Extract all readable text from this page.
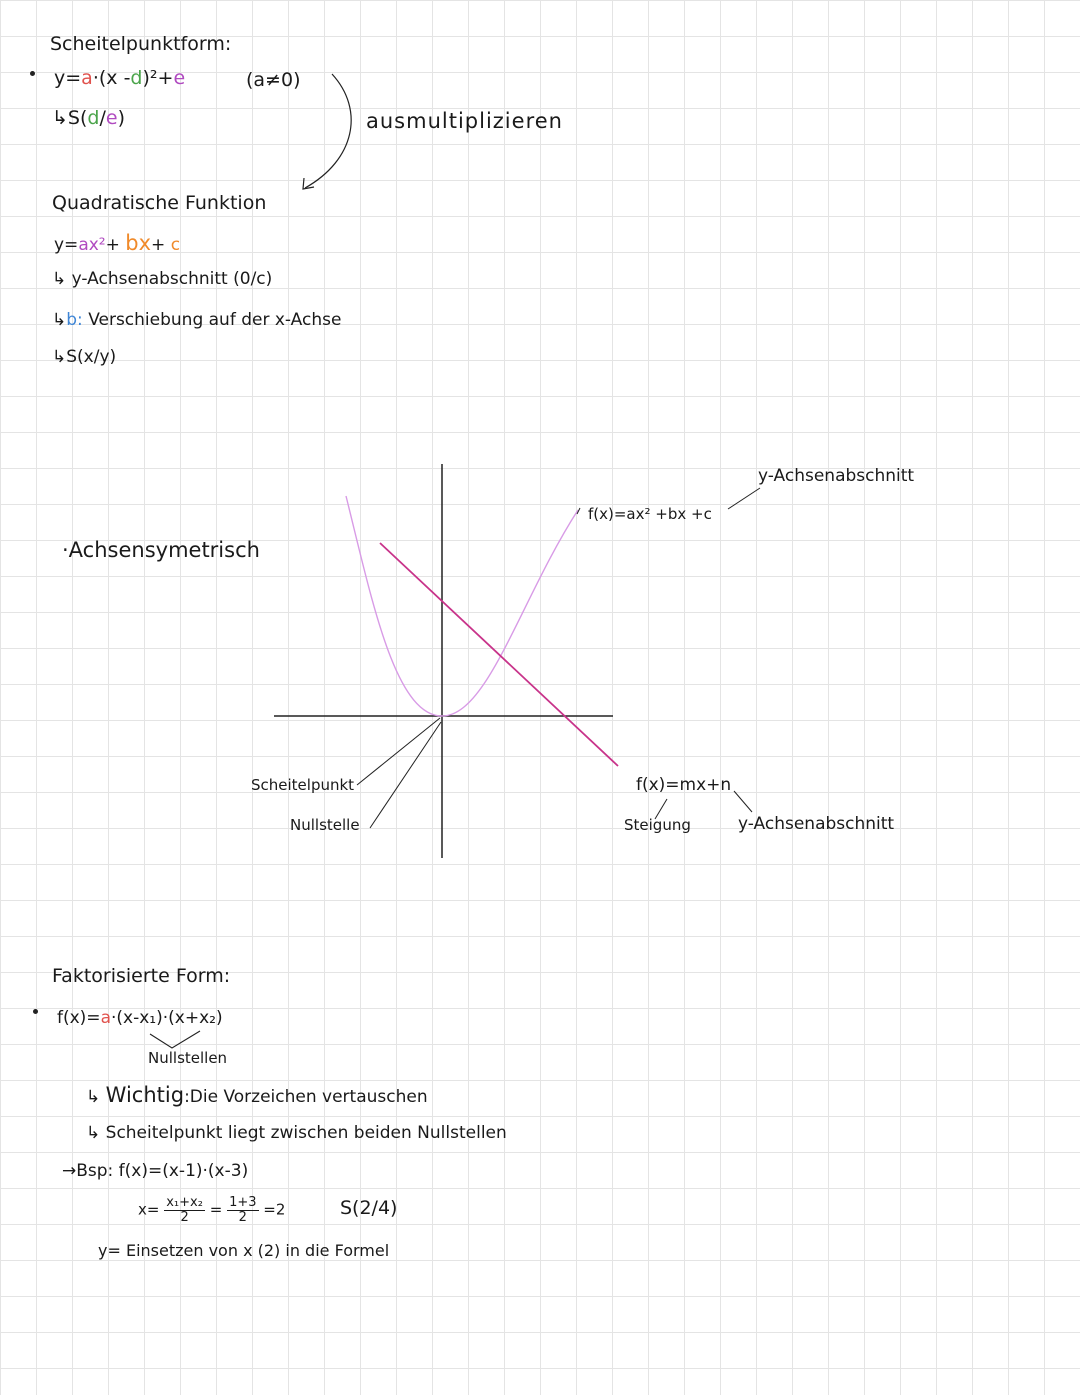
Scheitelpunktform:
y=a·(x -d)²+e	(a≠0)
↳S(d/e)	ausmultiplizieren
Quadratische Funktion
y=ax²+ bx+ c
↳ y-Achsenabschnitt (0/c)
↳b: Verschiebung auf der x-Achse
↳S(x/y)
·Achsensymetrisch
f(x)=ax² +bx +c
y-Achsenabschnitt
Scheitelpunkt
Nullstelle
f(x)=mx+n
Steigung	y-Achsenabschnitt
Faktorisierte Form:
f(x)=a·(x-x₁)·(x+x₂)
Nullstellen
↳ Wichtig:Die Vorzeichen vertauschen
↳ Scheitelpunkt liegt zwischen beiden Nullstellen
→Bsp: f(x)=(x-1)·(x-3)
$x= \frac{\text{x₁+x₂}}{2} = \frac{1+3}{2} =2$	S(2/4)
y= Einsetzen von x (2) in die Formel
